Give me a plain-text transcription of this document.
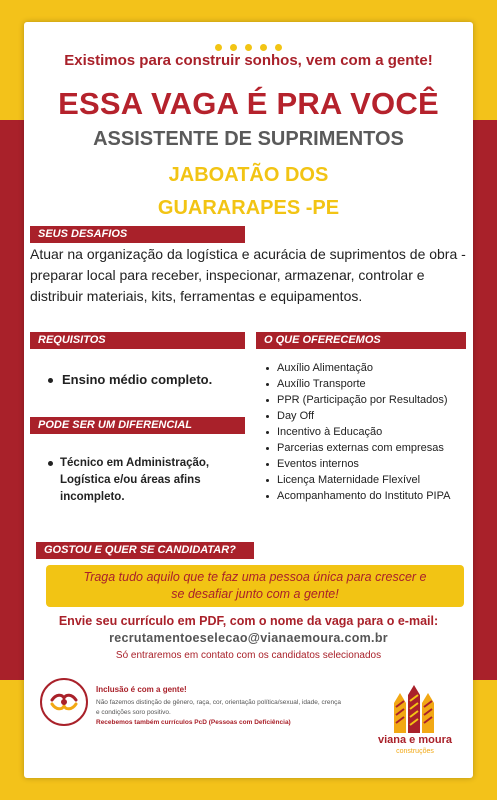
Existimos para construir sonhos, vem com a gente!
ESSA VAGA É PRA VOCÊ
ASSISTENTE DE SUPRIMENTOS
JABOATÃO DOS
GUARARAPES -PE
SEUS DESAFIOS
Atuar na organização da logística e acurácia de suprimentos de obra - preparar local para receber, inspecionar, armazenar, controlar e distribuir materiais, kits, ferramentas e equipamentos.
REQUISITOS
Ensino médio completo.
PODE SER UM DIFERENCIAL
Técnico em Administração, Logística e/ou áreas afins incompleto.
O QUE OFERECEMOS
Auxílio Alimentação
Auxílio Transporte
PPR (Participação por Resultados)
Day Off
Incentivo à Educação
Parcerias externas com empresas
Eventos internos
Licença Maternidade Flexível
Acompanhamento do Instituto PIPA
GOSTOU E QUER SE CANDIDATAR?
Traga tudo aquilo que te faz uma pessoa única para crescer e
se desafiar junto com a gente!
Envie seu currículo em PDF, com o nome da vaga para o e-mail:
recrutamentoeselecao@vianaemoura.com.br
Só entraremos em contato com os candidatos selecionados
Inclusão é com a gente!
Não fazemos distinção de gênero, raça, cor, orientação política/sexual, idade, crença e condições soro positivo.
Recebemos também currículos PcD (Pessoas com Deficiência)
viana e moura
construções
